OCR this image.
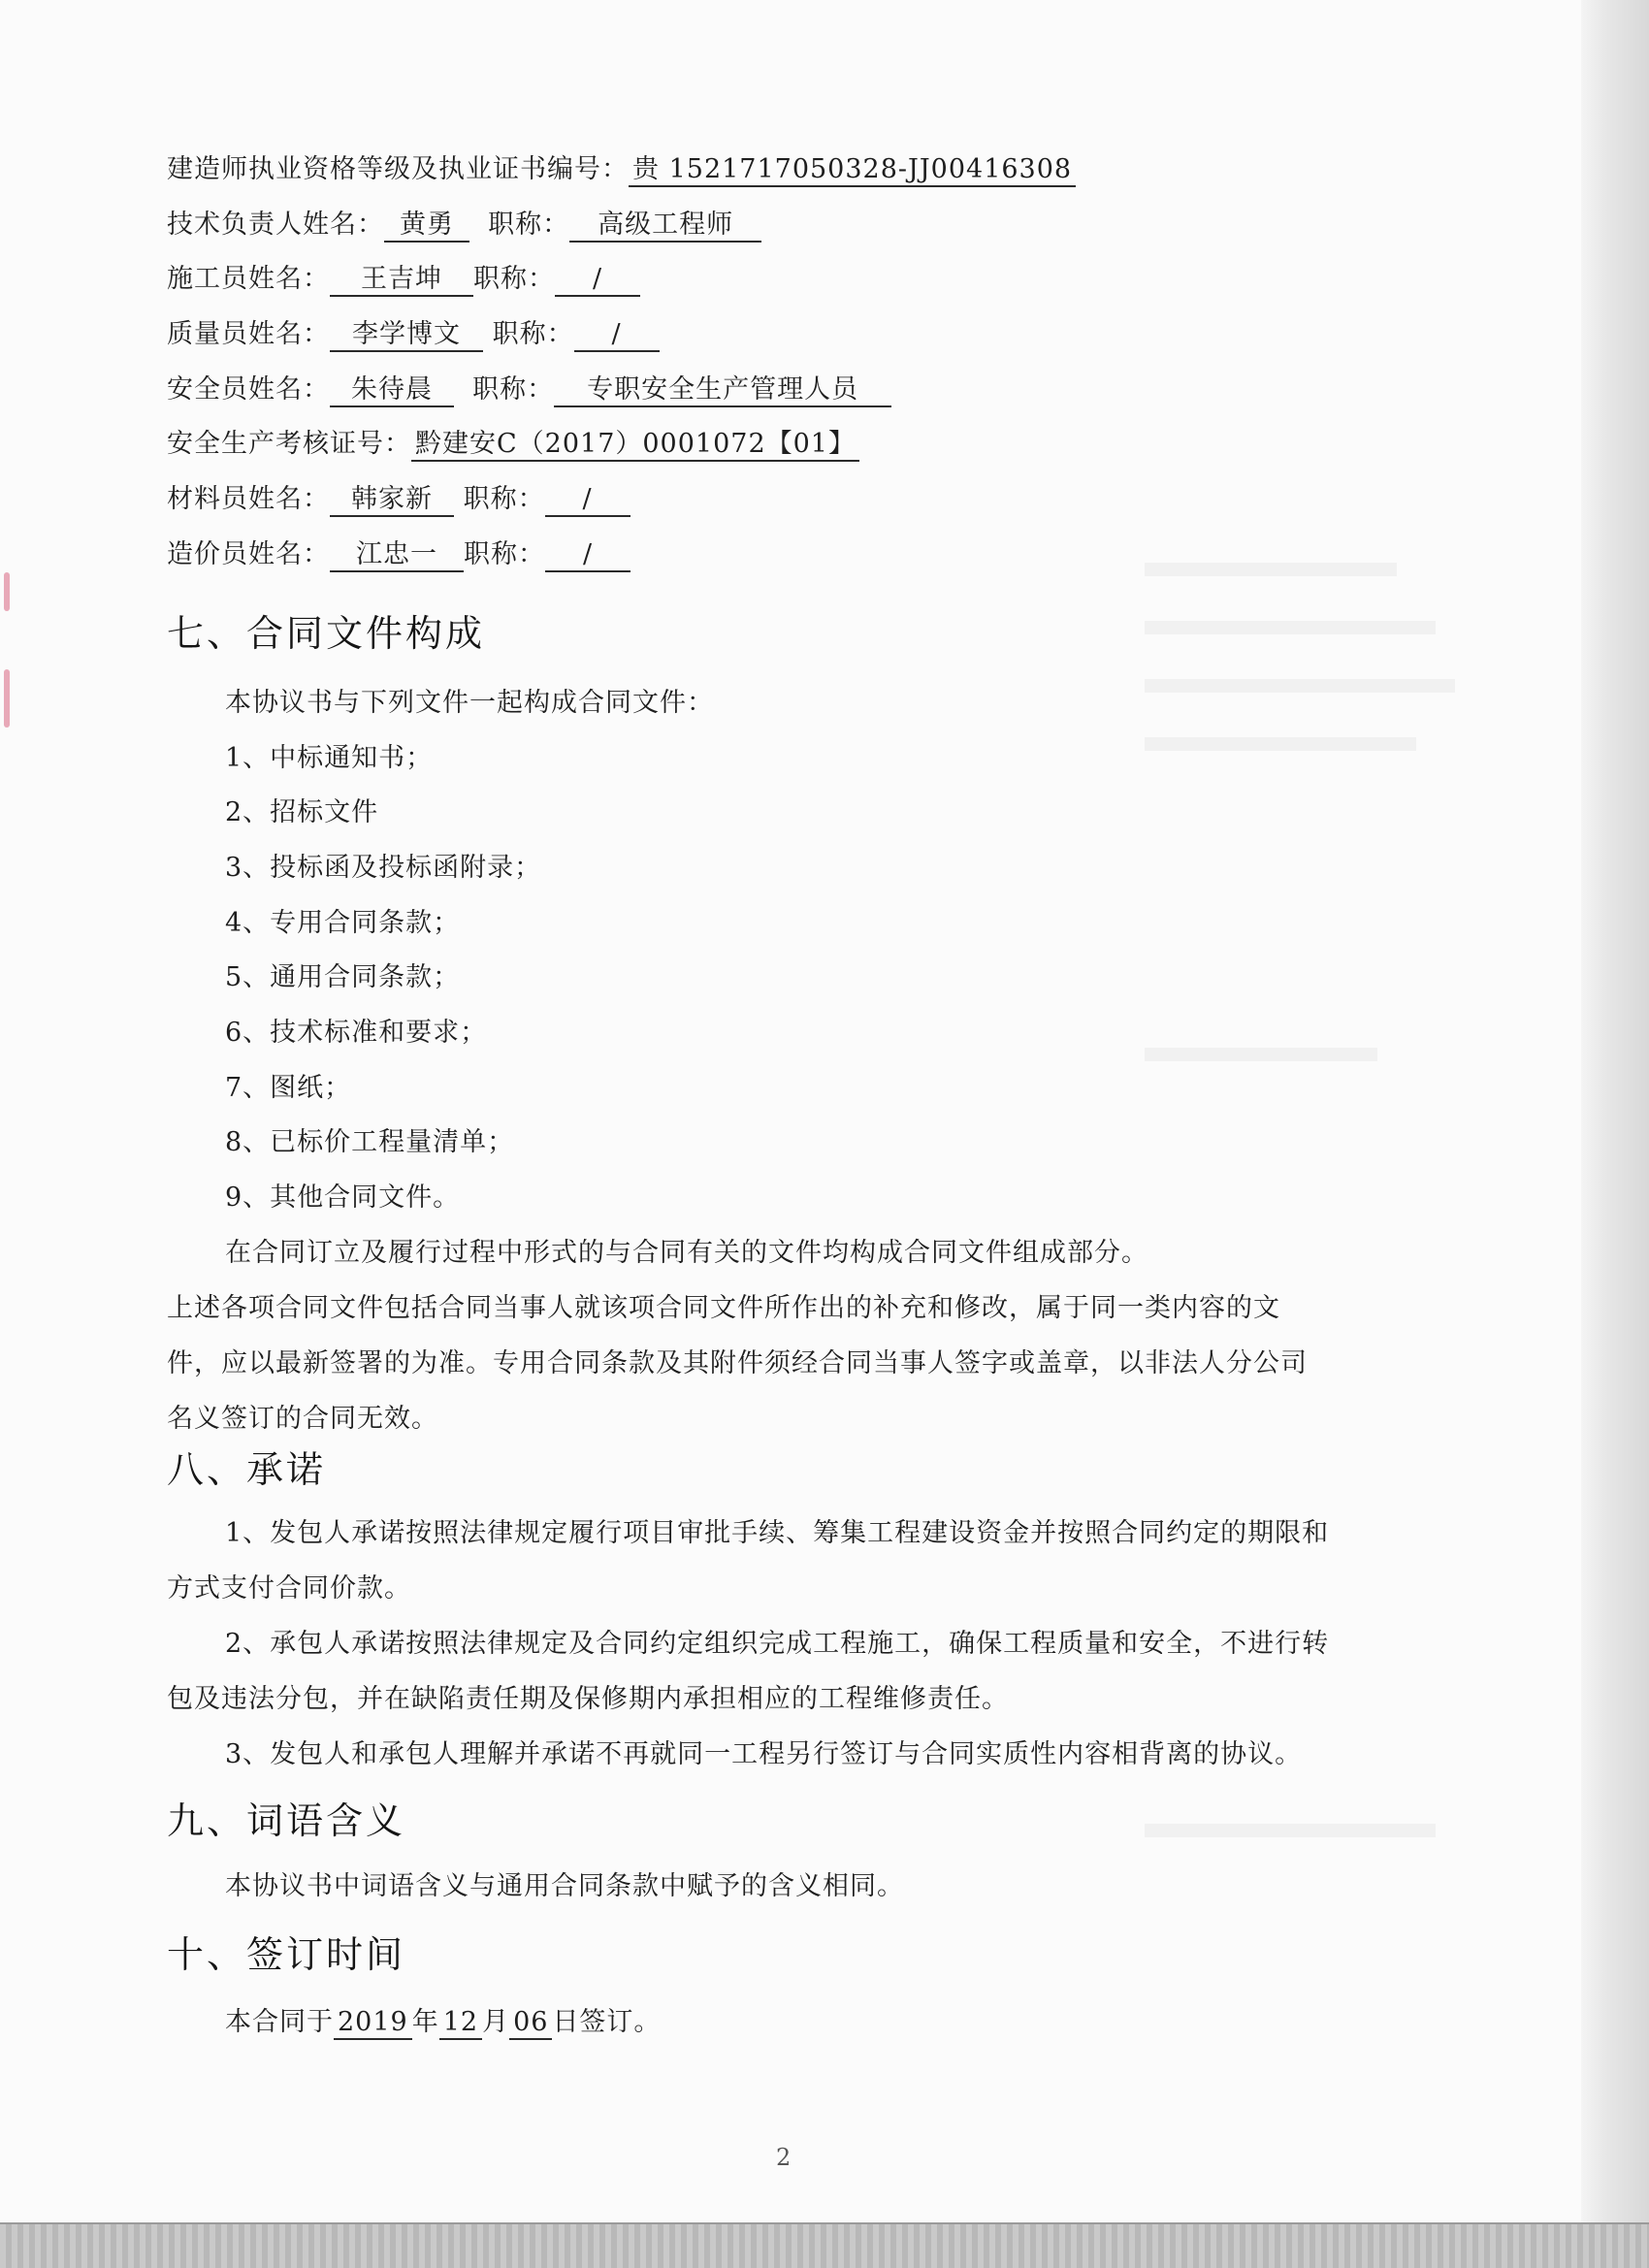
建造师执业资格等级及执业证书编号： 贵 1521717050328-JJ00416308
技术负责人姓名： 黄勇 职称： 高级工程师
施工员姓名： 王吉坤 职称： /
质量员姓名： 李学博文 职称： /
安全员姓名： 朱待晨 职称： 专职安全生产管理人员
安全生产考核证号： 黔建安C（2017）0001072【01】
材料员姓名： 韩家新 职称： /
造价员姓名： 江忠一 职称： /
七、合同文件构成
本协议书与下列文件一起构成合同文件：
1、中标通知书；
2、招标文件
3、投标函及投标函附录；
4、专用合同条款；
5、通用合同条款；
6、技术标准和要求；
7、图纸；
8、已标价工程量清单；
9、其他合同文件。
在合同订立及履行过程中形式的与合同有关的文件均构成合同文件组成部分。
上述各项合同文件包括合同当事人就该项合同文件所作出的补充和修改，属于同一类内容的文件，应以最新签署的为准。专用合同条款及其附件须经合同当事人签字或盖章，以非法人分公司名义签订的合同无效。
八、承诺
1、发包人承诺按照法律规定履行项目审批手续、筹集工程建设资金并按照合同约定的期限和方式支付合同价款。
2、承包人承诺按照法律规定及合同约定组织完成工程施工，确保工程质量和安全，不进行转包及违法分包，并在缺陷责任期及保修期内承担相应的工程维修责任。
3、发包人和承包人理解并承诺不再就同一工程另行签订与合同实质性内容相背离的协议。
九、词语含义
本协议书中词语含义与通用合同条款中赋予的含义相同。
十、签订时间
本合同于 2019 年 12 月 06 日签订。
2
